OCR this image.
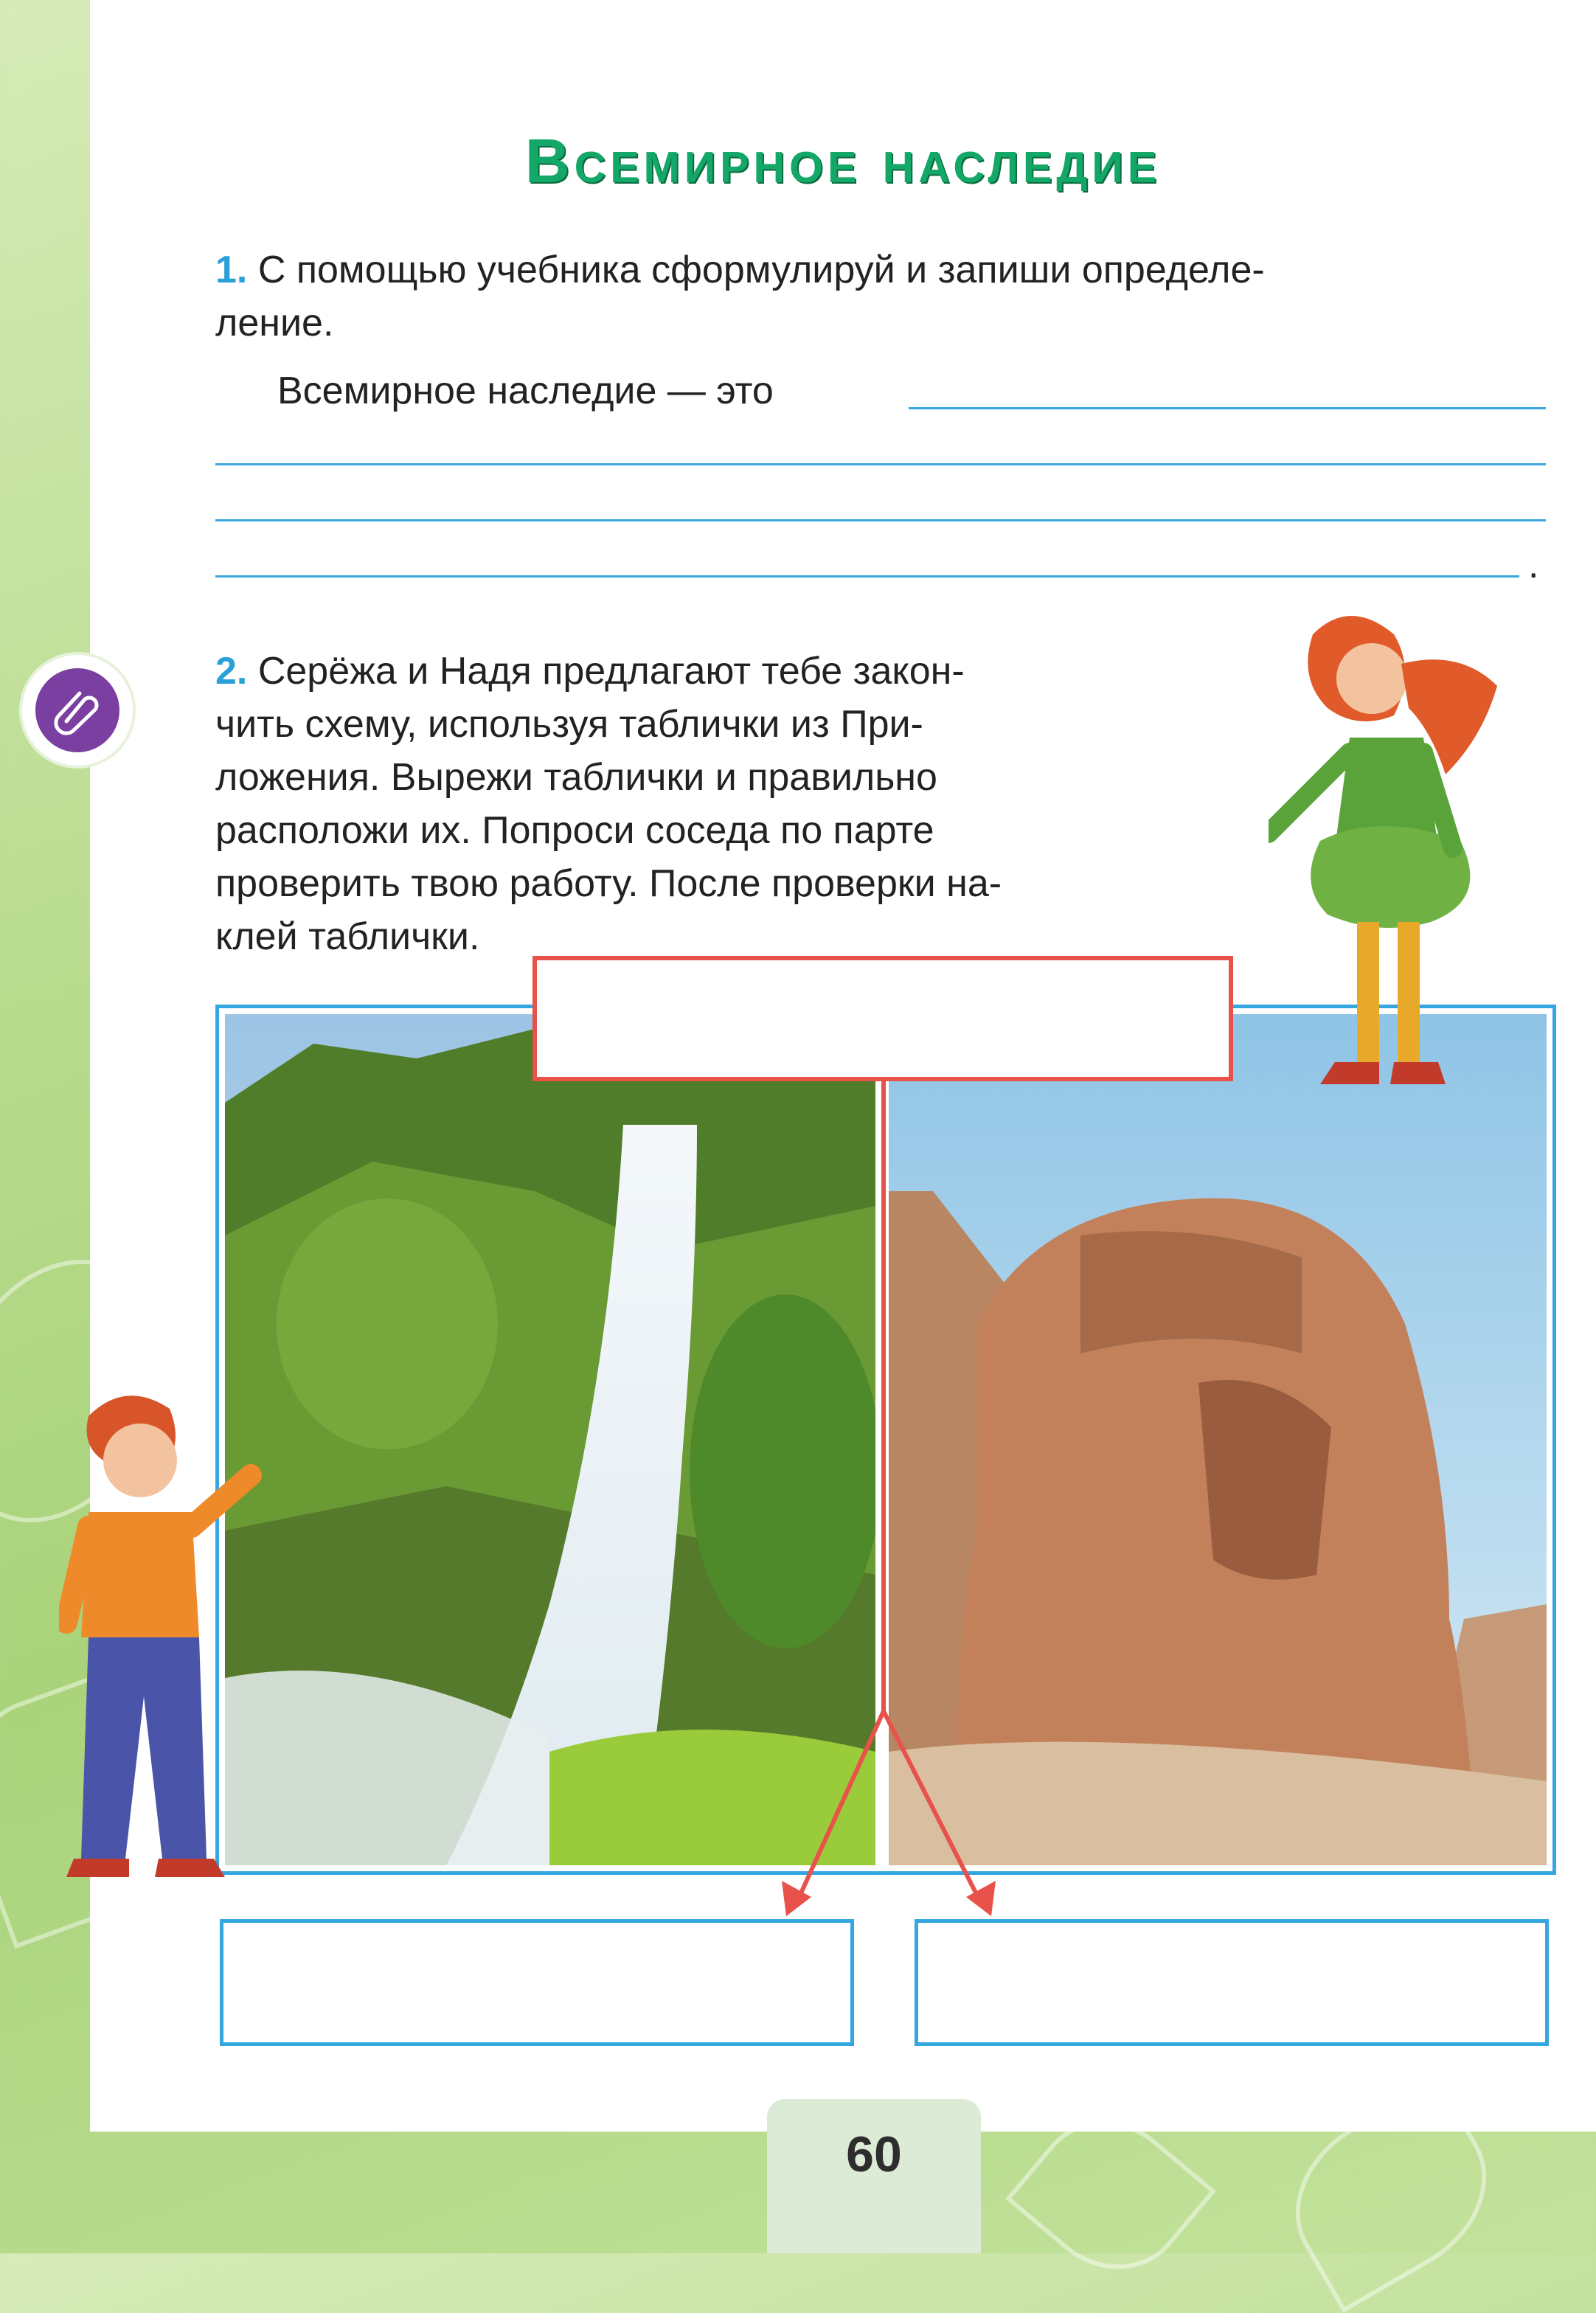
Всемирное наследие
1. С помощью учебника сформулируй и запиши определе-
ление.
Всемирное наследие — это
.
2. Серёжа и Надя предлагают тебе закон-
чить схему, используя таблички из При-
ложения. Вырежи таблички и правильно
расположи их. Попроси соседа по парте
проверить твою работу. После проверки на-
клей таблички.
60
